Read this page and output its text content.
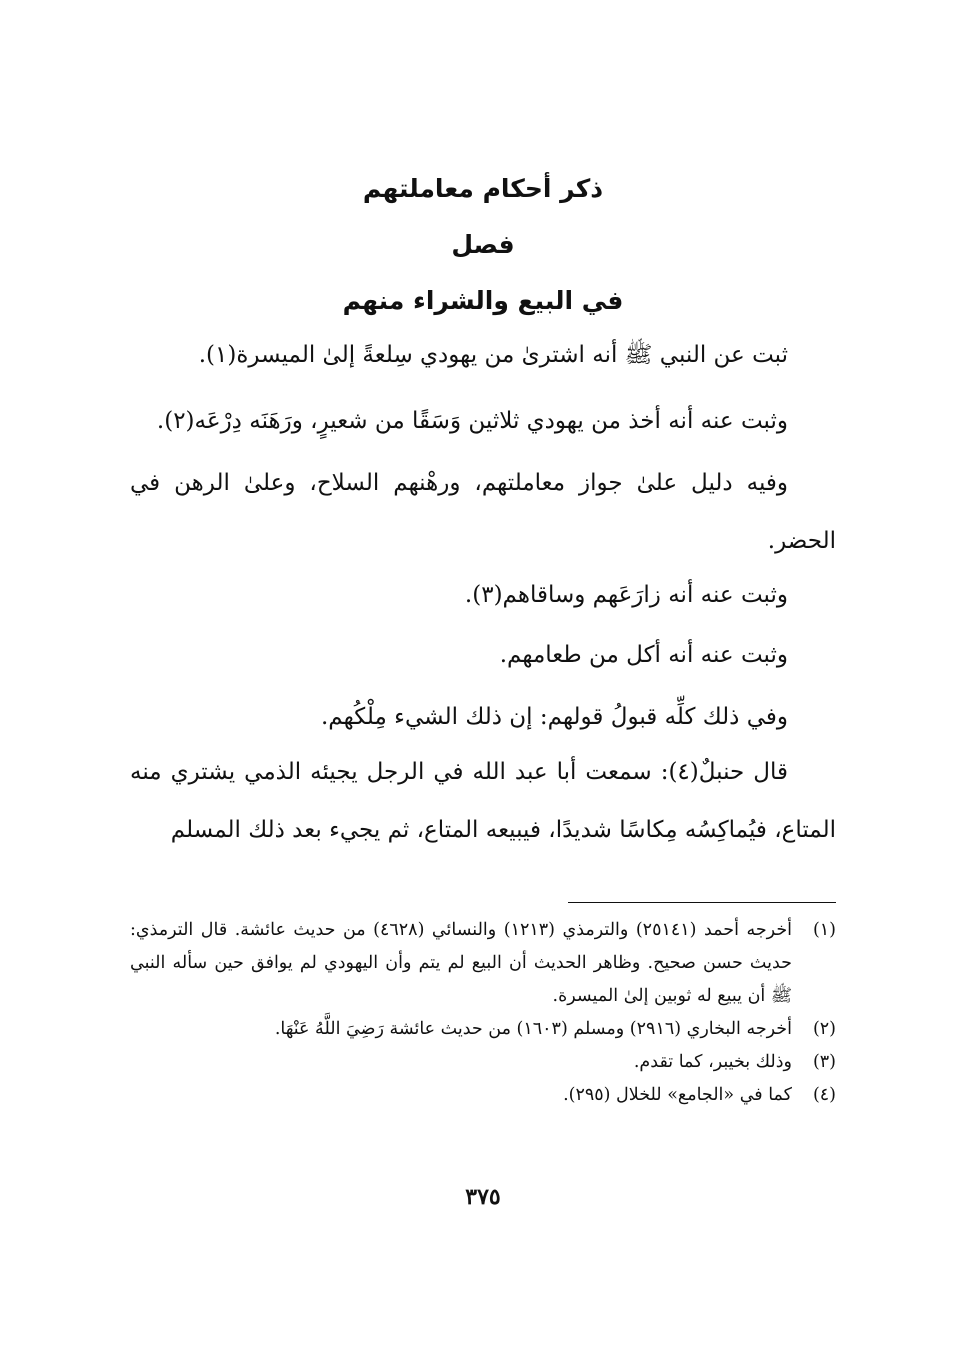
ذكر أحكام معاملتهم
فصل
في البيع والشراء منهم

ثبت عن النبي ﷺ أنه اشترىٰ من يهودي سِلعةً إلىٰ الميسرة(١).

وثبت عنه أنه أخذ من يهودي ثلاثين وَسَقًا من شعيرٍ، ورَهَنَه دِرْعَه(٢).

وفيه دليل علىٰ جواز معاملتهم، ورهْنهم السلاح، وعلىٰ الرهن في الحضر.

وثبت عنه أنه زارَعَهم وساقاهم(٣).

وثبت عنه أنه أكل من طعامهم.

وفي ذلك كلِّه قبولُ قولهم: إن ذلك الشيء مِلْكُهم.

قال حنبلٌ(٤): سمعت أبا عبد الله في الرجل يجيئه الذمي يشتري منه المتاع، فيُماكِسُه مِكاسًا شديدًا، فيبيعه المتاع، ثم يجيء بعد ذلك المسلم

(١)
أخرجه أحمد (٢٥١٤١) والترمذي (١٢١٣) والنسائي (٤٦٢٨) من حديث عائشة. قال الترمذي: حديث حسن صحيح. وظاهر الحديث أن البيع لم يتم وأن اليهودي لم يوافق حين سأله النبي ﷺ أن يبيع له ثوبين إلىٰ الميسرة.
(٢)
أخرجه البخاري (٢٩١٦) ومسلم (١٦٠٣) من حديث عائشة رَضِيَ اللَّهُ عَنْهَا.
(٣)
وذلك بخيبر، كما تقدم.
(٤)
كما في «الجامع» للخلال (٢٩٥).
٣٧٥
